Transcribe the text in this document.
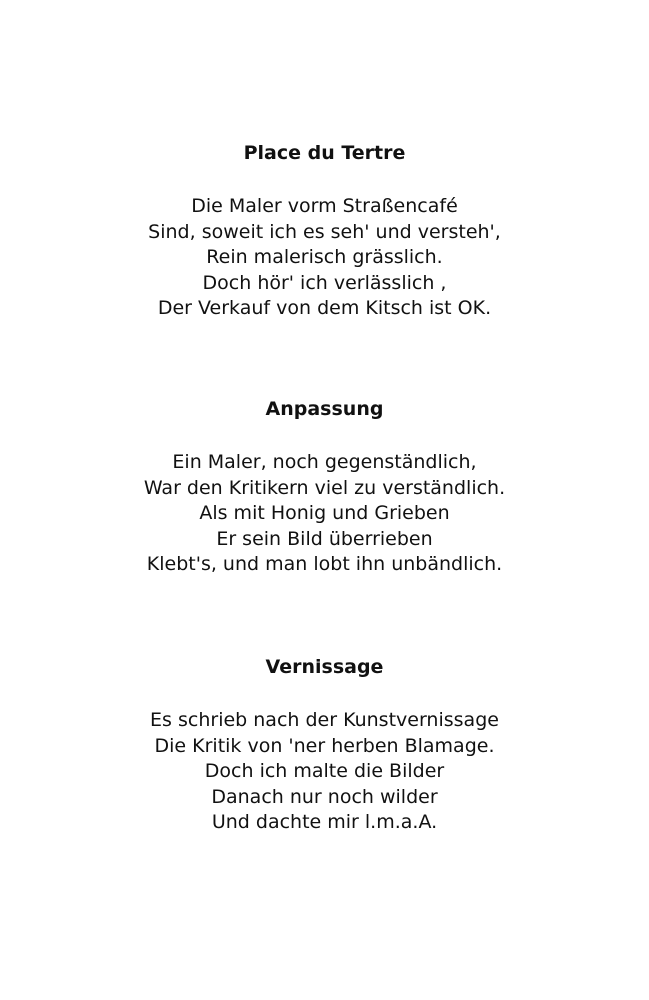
Place du Tertre
Die Maler vorm Straßencafé
Sind, soweit ich es seh' und versteh',
Rein malerisch grässlich.
Doch hör' ich verlässlich ,
Der Verkauf von dem Kitsch ist OK.
Anpassung
Ein Maler, noch gegenständlich,
War den Kritikern viel zu verständlich.
Als mit Honig und Grieben
Er sein Bild überrieben
Klebt's, und man lobt ihn unbändlich.
Vernissage
Es schrieb nach der Kunstvernissage
Die Kritik von 'ner herben Blamage.
Doch ich malte die Bilder
Danach nur noch wilder
Und dachte mir l.m.a.A.
